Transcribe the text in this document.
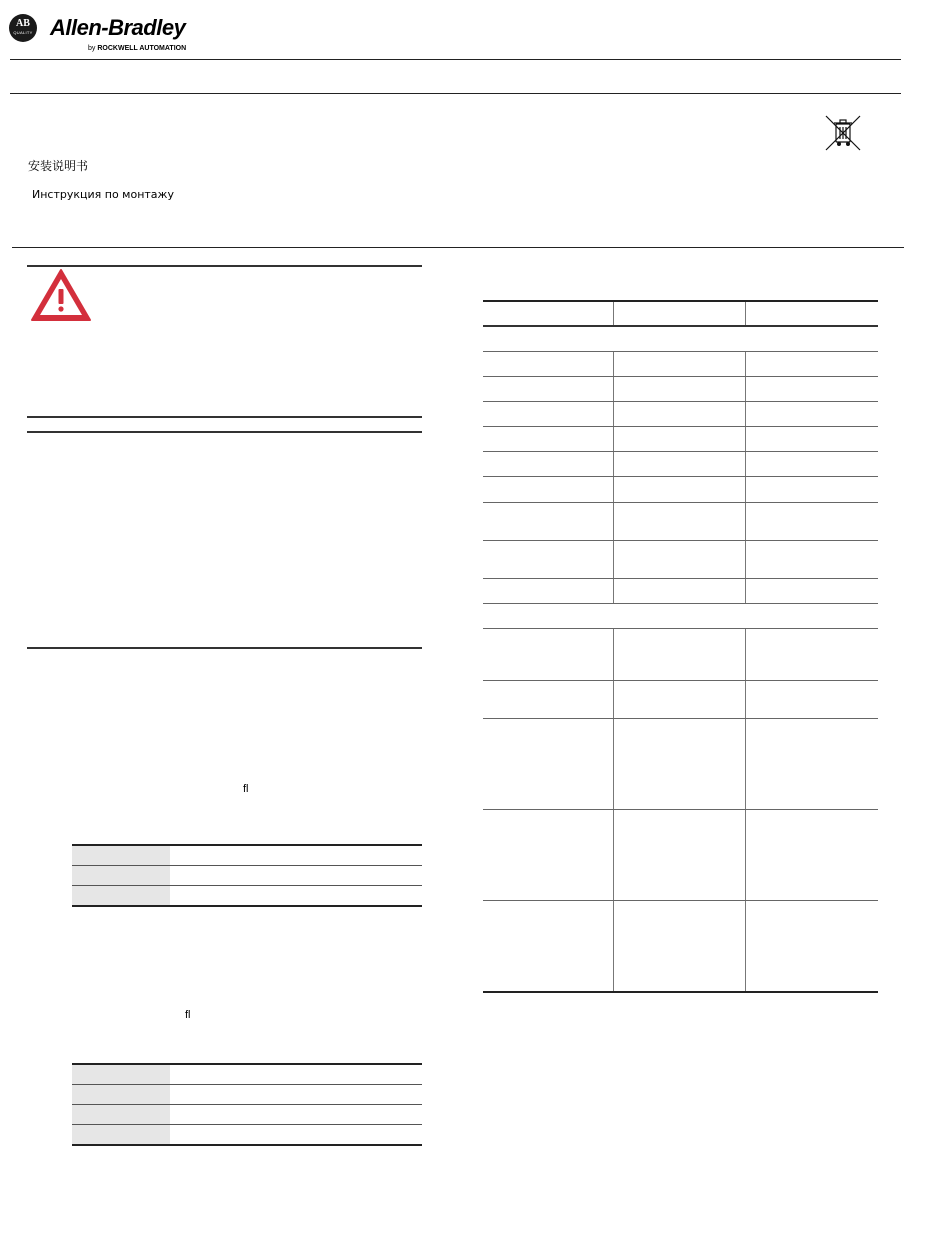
AB
QUALITY Allen-Bradley
by ROCKWELL AUTOMATION
安装说明书
Инструкция по монтажу
fl

fl
